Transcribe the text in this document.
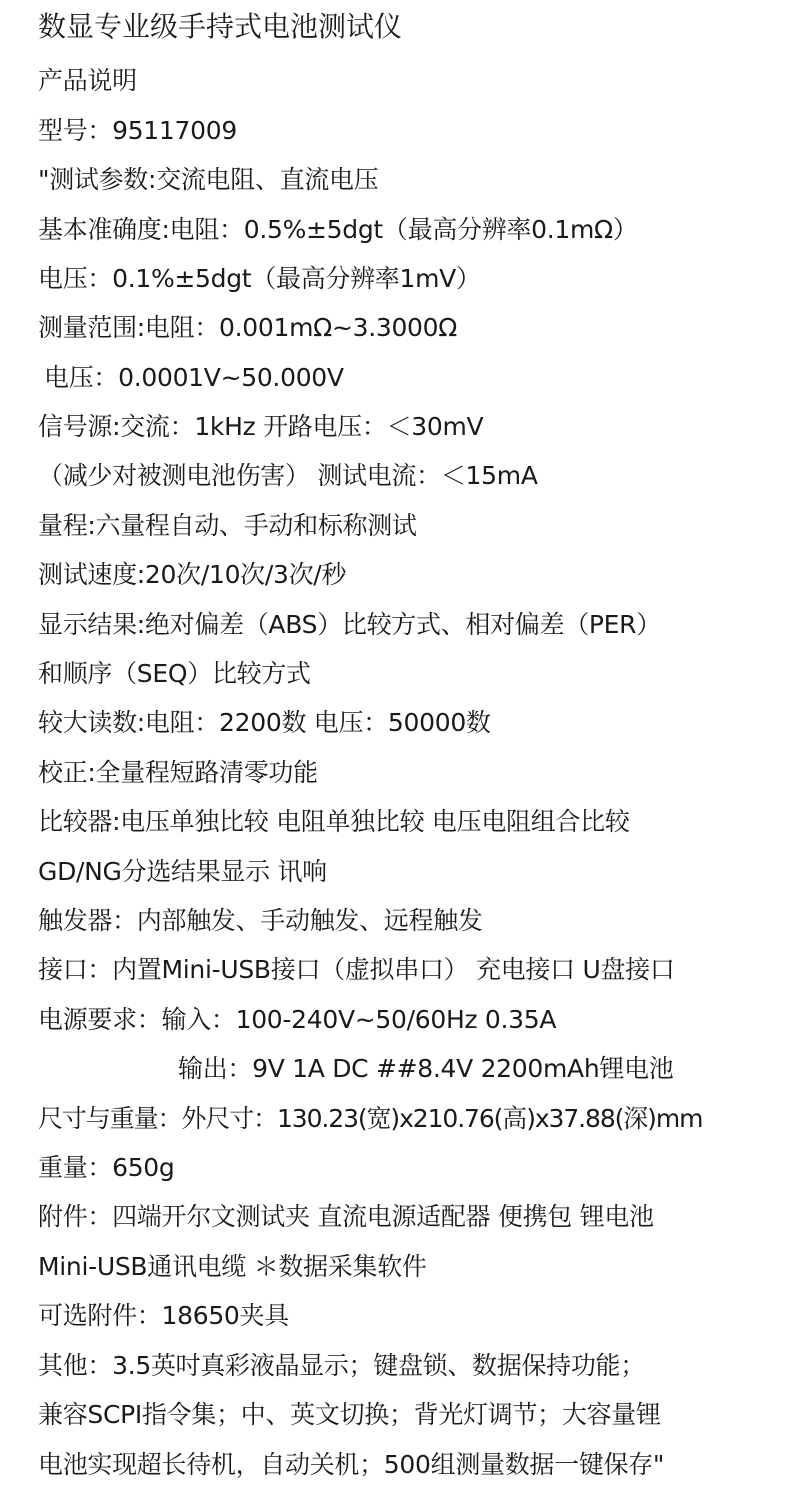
数显专业级手持式电池测试仪

产品说明

型号：95117009

"测试参数:交流电阻、直流电压

基本准确度:电阻：0.5%±5dgt（最高分辨率0.1mΩ）

电压：0.1%±5dgt（最高分辨率1mV）

测量范围:电阻：0.001mΩ~3.3000Ω

电压：0.0001V~50.000V

信号源:交流：1kHz 开路电压：＜30mV

（减少对被测电池伤害） 测试电流：＜15mA

量程:六量程自动、手动和标称测试

测试速度:20次/10次/3次/秒

显示结果:绝对偏差（ABS）比较方式、相对偏差（PER）

和顺序（SEQ）比较方式

较大读数:电阻：2200数 电压：50000数

校正:全量程短路清零功能

比较器:电压单独比较 电阻单独比较 电压电阻组合比较

GD/NG分选结果显示 讯响

触发器：内部触发、手动触发、远程触发

接口：内置Mini-USB接口（虚拟串口） 充电接口 U盘接口

电源要求：输入：100-240V~50/60Hz 0.35A

输出：9V 1A DC ##8.4V 2200mAh锂电池

尺寸与重量：外尺寸：130.23(宽)x210.76(高)x37.88(深)mm

重量：650g

附件：四端开尔文测试夹 直流电源适配器 便携包 锂电池

Mini-USB通讯电缆 ＊数据采集软件

可选附件：18650夹具

其他：3.5英吋真彩液晶显示；键盘锁、数据保持功能；

兼容SCPI指令集；中、英文切换；背光灯调节；大容量锂

电池实现超长待机，自动关机；500组测量数据一键保存"
